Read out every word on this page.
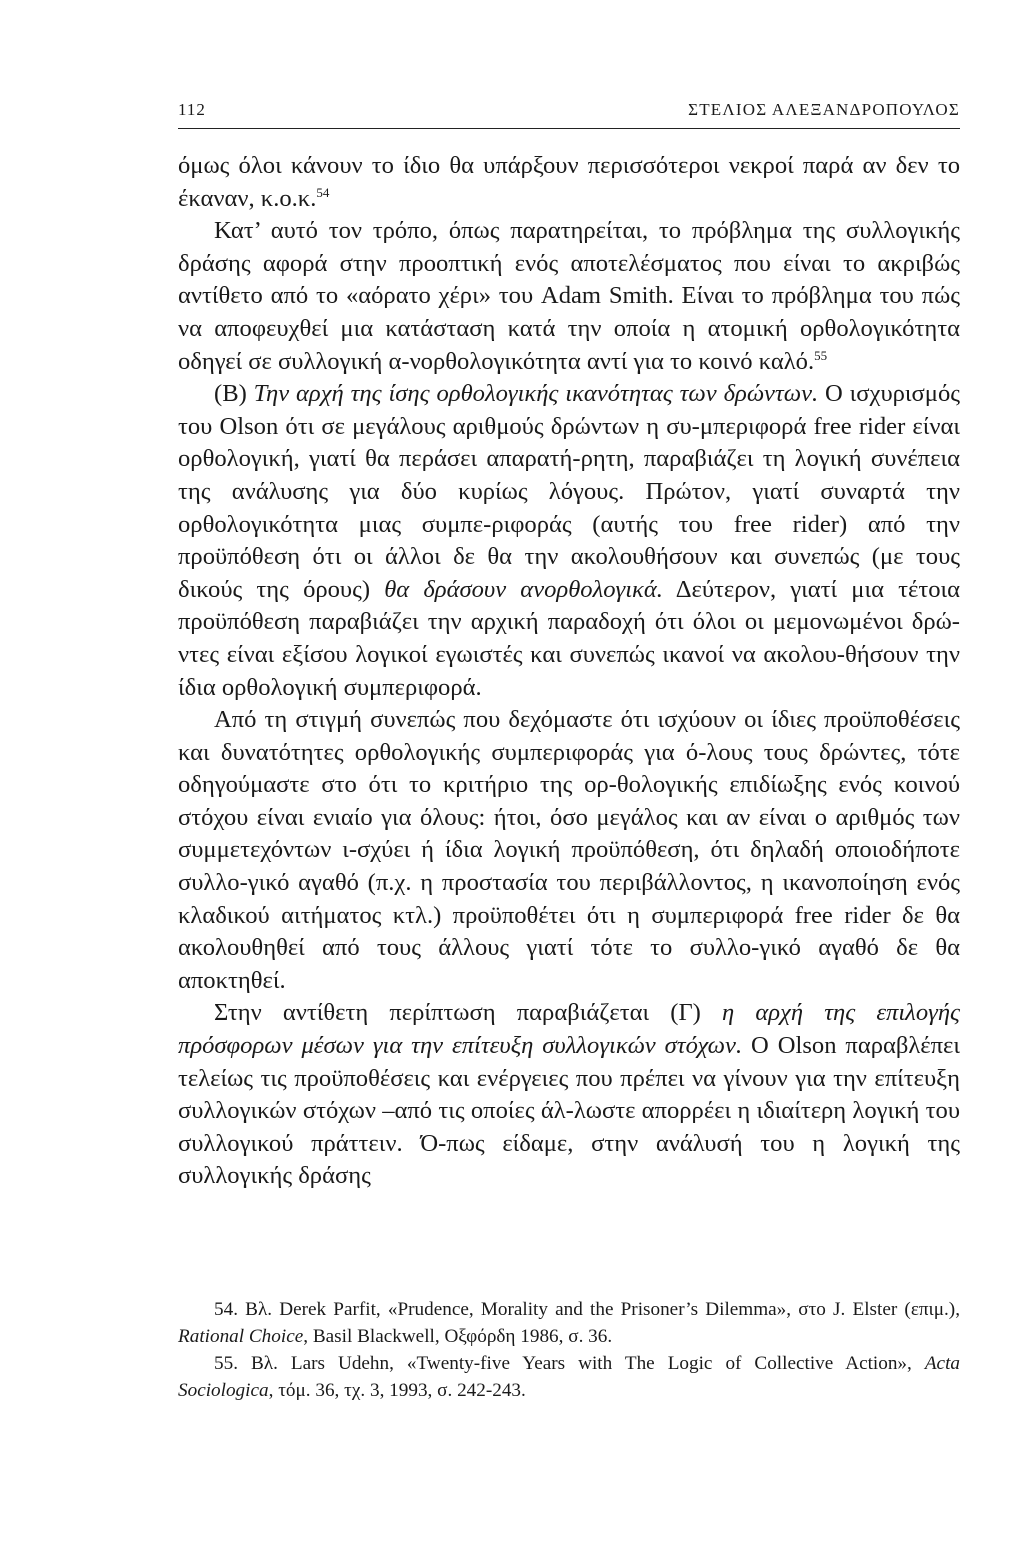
112	ΣΤΕΛΙΟΣ ΑΛΕΞΑΝΔΡΟΠΟΥΛΟΣ

όμως όλοι κάνουν το ίδιο θα υπάρξουν περισσότεροι νεκροί παρά αν δεν το έκαναν, κ.ο.κ.$^{54}$

Κατ’ αυτό τον τρόπο, όπως παρατηρείται, το πρόβλημα της συλλογικής δράσης αφορά στην προοπτική ενός αποτελέσματος που είναι το ακριβώς αντίθετο από το «αόρατο χέρι» του Adam Smith. Είναι το πρόβλημα του πώς να αποφευχθεί μια κατάσταση κατά την οποία η ατομική ορθολογικότητα οδηγεί σε συλλογική α-νορθολογικότητα αντί για το κοινό καλό.$^{55}$

(Β) Την αρχή της ίσης ορθολογικής ικανότητας των δρώντων. Ο ισχυρισμός του Olson ότι σε μεγάλους αριθμούς δρώντων η συ-μπεριφορά free rider είναι ορθολογική, γιατί θα περάσει απαρατή-ρητη, παραβιάζει τη λογική συνέπεια της ανάλυσης για δύο κυρίως λόγους. Πρώτον, γιατί συναρτά την ορθολογικότητα μιας συμπε-ριφοράς (αυτής του free rider) από την προϋπόθεση ότι οι άλλοι δε θα την ακολουθήσουν και συνεπώς (με τους δικούς της όρους) θα δράσουν ανορθολογικά. Δεύτερον, γιατί μια τέτοια προϋπόθεση παραβιάζει την αρχική παραδοχή ότι όλοι οι μεμονωμένοι δρώ-ντες είναι εξίσου λογικοί εγωιστές και συνεπώς ικανοί να ακολου-θήσουν την ίδια ορθολογική συμπεριφορά.

Από τη στιγμή συνεπώς που δεχόμαστε ότι ισχύουν οι ίδιες προϋποθέσεις και δυνατότητες ορθολογικής συμπεριφοράς για ό-λους τους δρώντες, τότε οδηγούμαστε στο ότι το κριτήριο της ορ-θολογικής επιδίωξης ενός κοινού στόχου είναι ενιαίο για όλους: ήτοι, όσο μεγάλος και αν είναι ο αριθμός των συμμετεχόντων ι-σχύει ή ίδια λογική προϋπόθεση, ότι δηλαδή οποιοδήποτε συλλο-γικό αγαθό (π.χ. η προστασία του περιβάλλοντος, η ικανοποίηση ενός κλαδικού αιτήματος κτλ.) προϋποθέτει ότι η συμπεριφορά free rider δε θα ακολουθηθεί από τους άλλους γιατί τότε το συλλο-γικό αγαθό δε θα αποκτηθεί.

Στην αντίθετη περίπτωση παραβιάζεται (Γ) η αρχή της επιλογής πρόσφορων μέσων για την επίτευξη συλλογικών στόχων. Ο Olson παραβλέπει τελείως τις προϋποθέσεις και ενέργειες που πρέπει να γίνουν για την επίτευξη συλλογικών στόχων –από τις οποίες άλ-λωστε απορρέει η ιδιαίτερη λογική του συλλογικού πράττειν. Ό-πως είδαμε, στην ανάλυσή του η λογική της συλλογικής δράσης

54. Βλ. Derek Parfit, «Prudence, Morality and the Prisoner’s Dilemma», στο J. Elster (επιμ.), Rational Choice, Basil Blackwell, Οξφόρδη 1986, σ. 36.

55. Βλ. Lars Udehn, «Twenty-five Years with The Logic of Collective Action», Acta Sociologica, τόμ. 36, τχ. 3, 1993, σ. 242-243.
